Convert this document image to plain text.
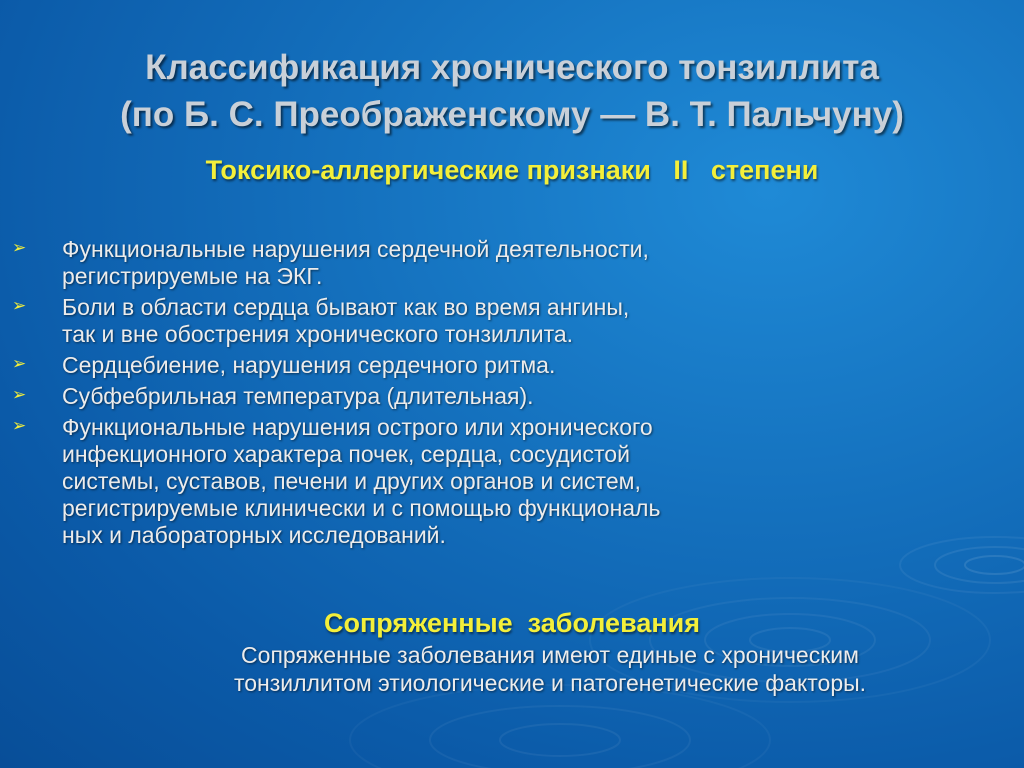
Классификация хронического тонзиллита
(по Б. С. Преображенскому — В. Т. Пальчуну)
Токсико-аллергические признаки   II   степени
➢ Функциональные нарушения сердечной деятельности,
регистрируемые на ЭКГ.
➢ Боли в области сердца бывают как во время ангины,
так и вне обострения хронического тонзиллита.
➢ Сердцебиение, нарушения сердечного ритма.
➢ Субфебрильная температура (длительная).
➢ Функциональные нарушения острого или хронического
инфекционного характера почек, сердца, сосудистой
системы, суставов, печени и других органов и систем,
регистрируемые клинически и с помощью функциональ
ных и лабораторных исследований.
Сопряженные  заболевания
Сопряженные заболевания имеют единые с хроническим
тонзиллитом этиологические и патогенетические факторы.
